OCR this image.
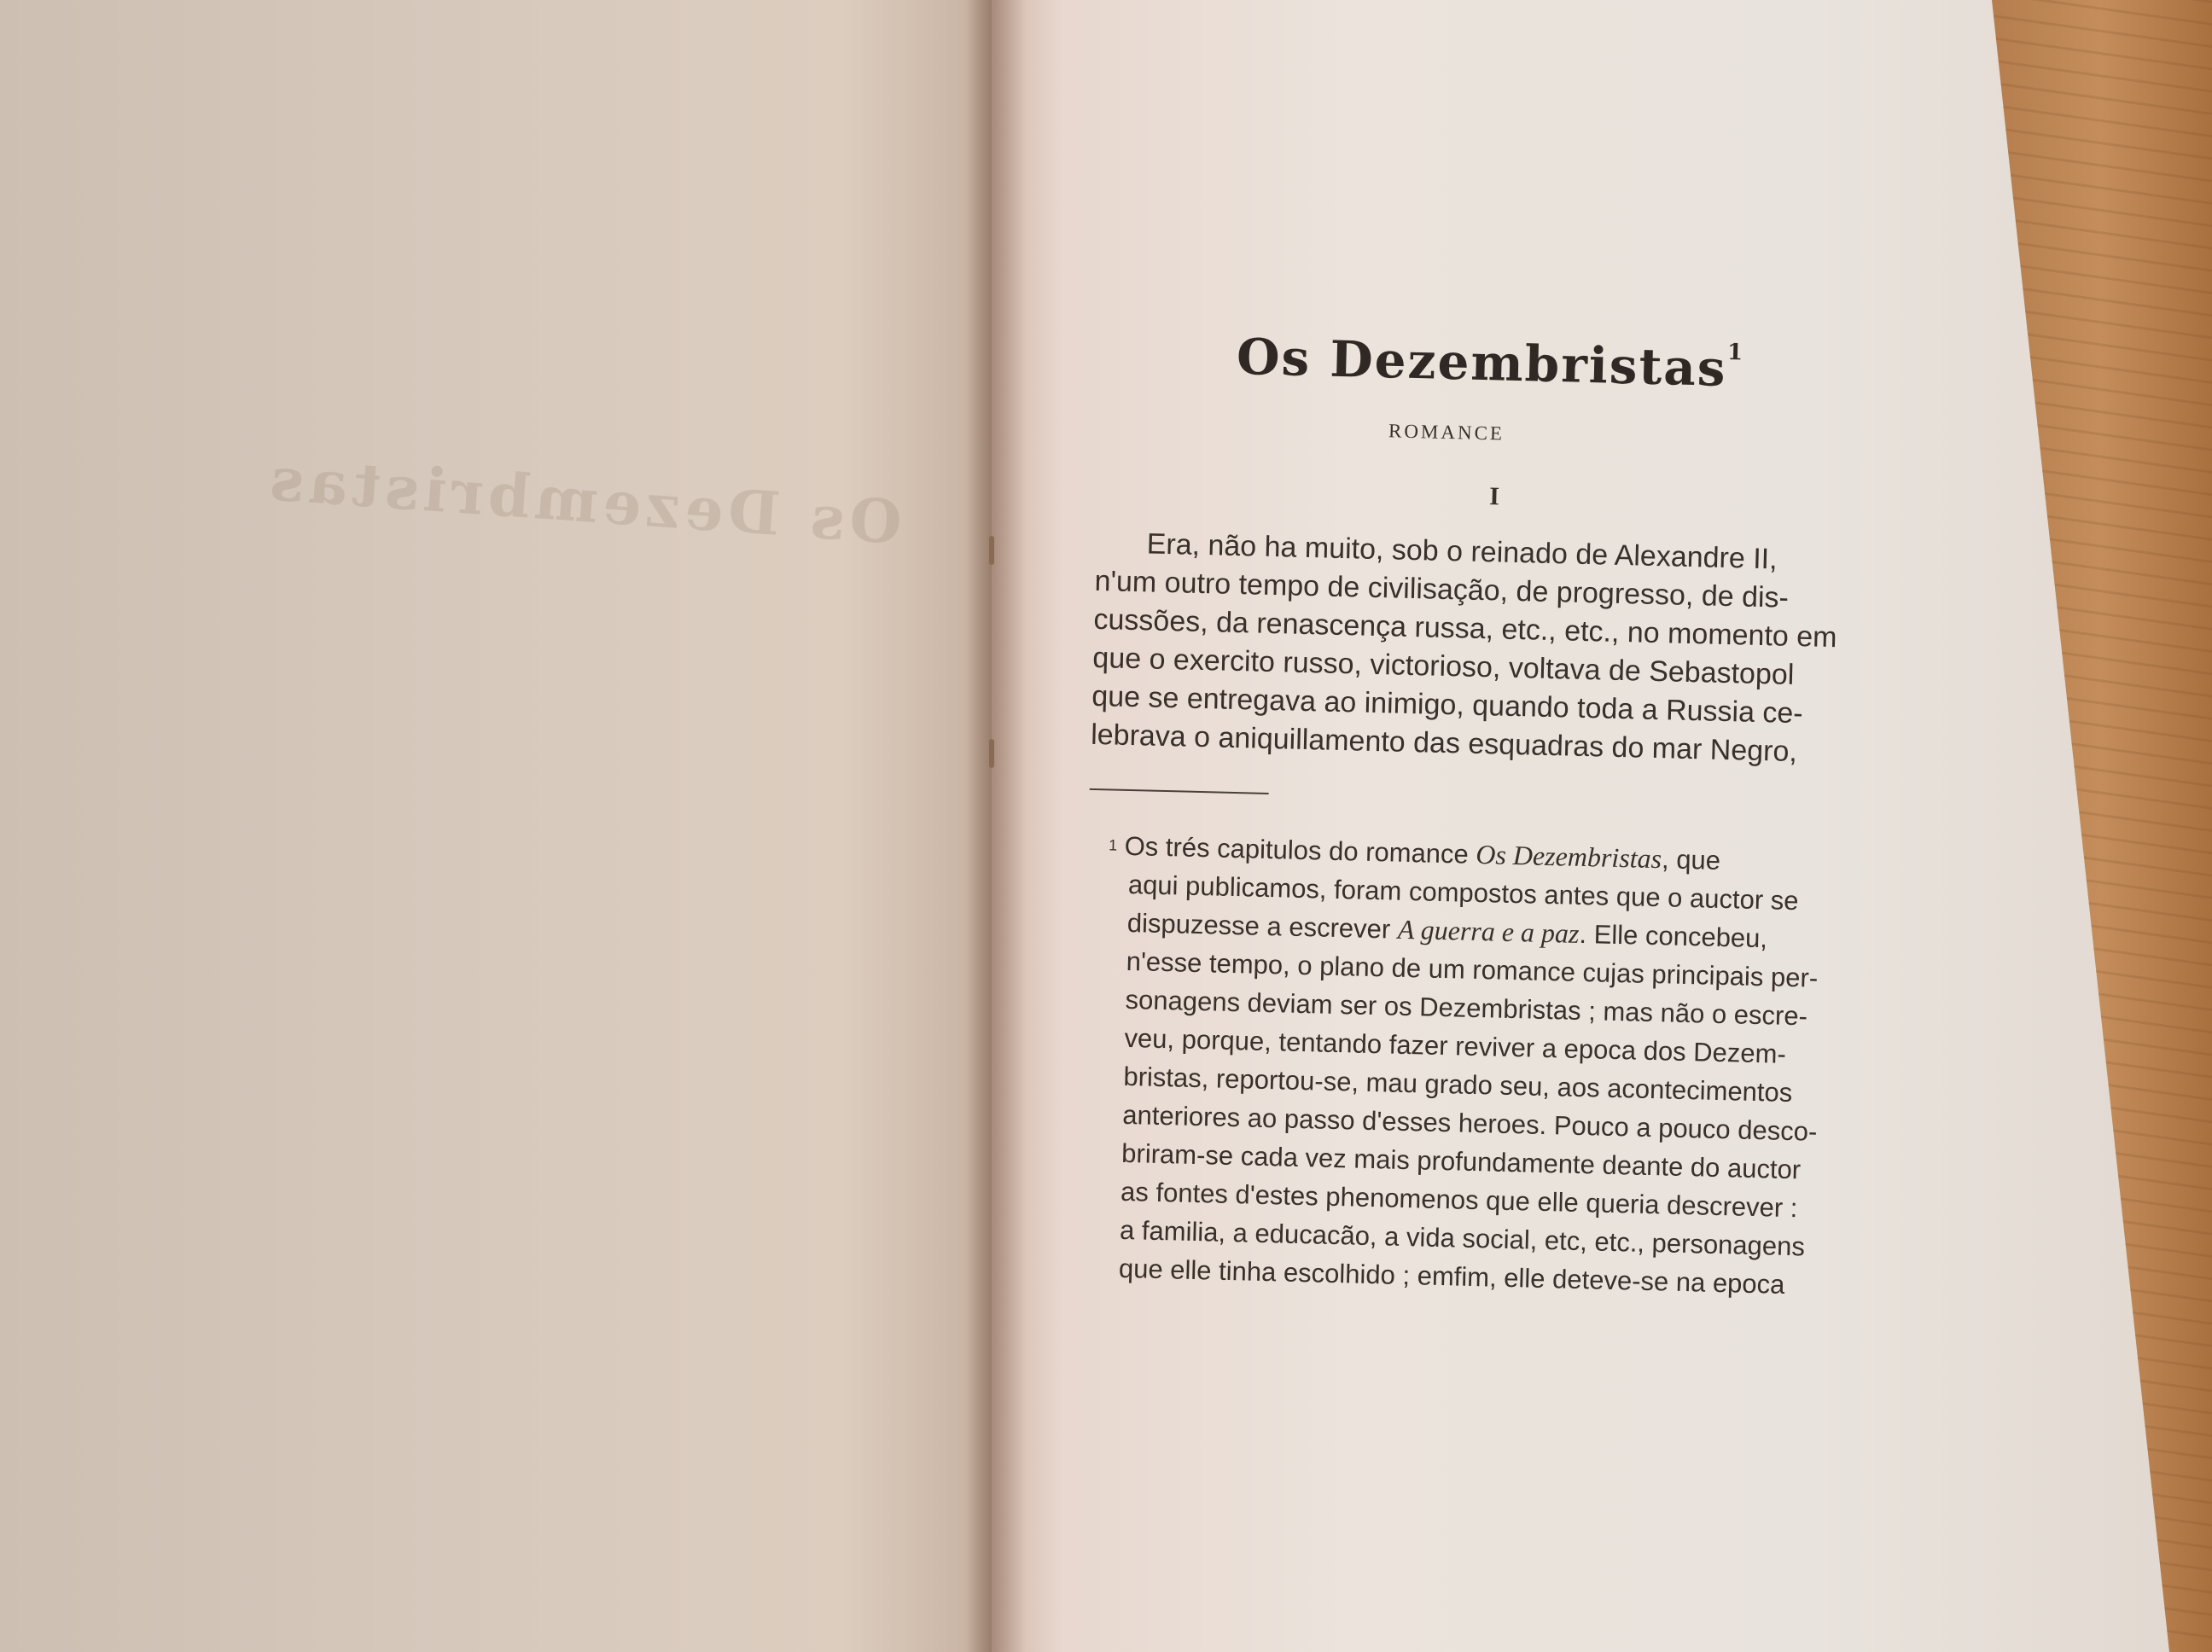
Os Dezembristas
Os Dezembristas$^1$
ROMANCE
I
Era, não ha muito, sob o reinado de Alexandre II,
n'um outro tempo de civilisação, de progresso, de dis-
cussões, da renascença russa, etc., etc., no momento em
que o exercito russo, victorioso, voltava de Sebastopol
que se entregava ao inimigo, quando toda a Russia ce-
lebrava o aniquillamento das esquadras do mar Negro,
$^1$ Os trés capitulos do romance Os Dezembristas, que
aqui publicamos, foram compostos antes que o auctor se
dispuzesse a escrever A guerra e a paz. Elle concebeu,
n'esse tempo, o plano de um romance cujas principais per-
sonagens deviam ser os Dezembristas ; mas não o escre-
veu, porque, tentando fazer reviver a epoca dos Dezem-
bristas, reportou-se, mau grado seu, aos acontecimentos
anteriores ao passo d'esses heroes. Pouco a pouco desco-
briram-se cada vez mais profundamente deante do auctor
as fontes d'estes phenomenos que elle queria descrever :
a familia, a educacão, a vida social, etc, etc., personagens
que elle tinha escolhido ; emfim, elle deteve-se na epoca
